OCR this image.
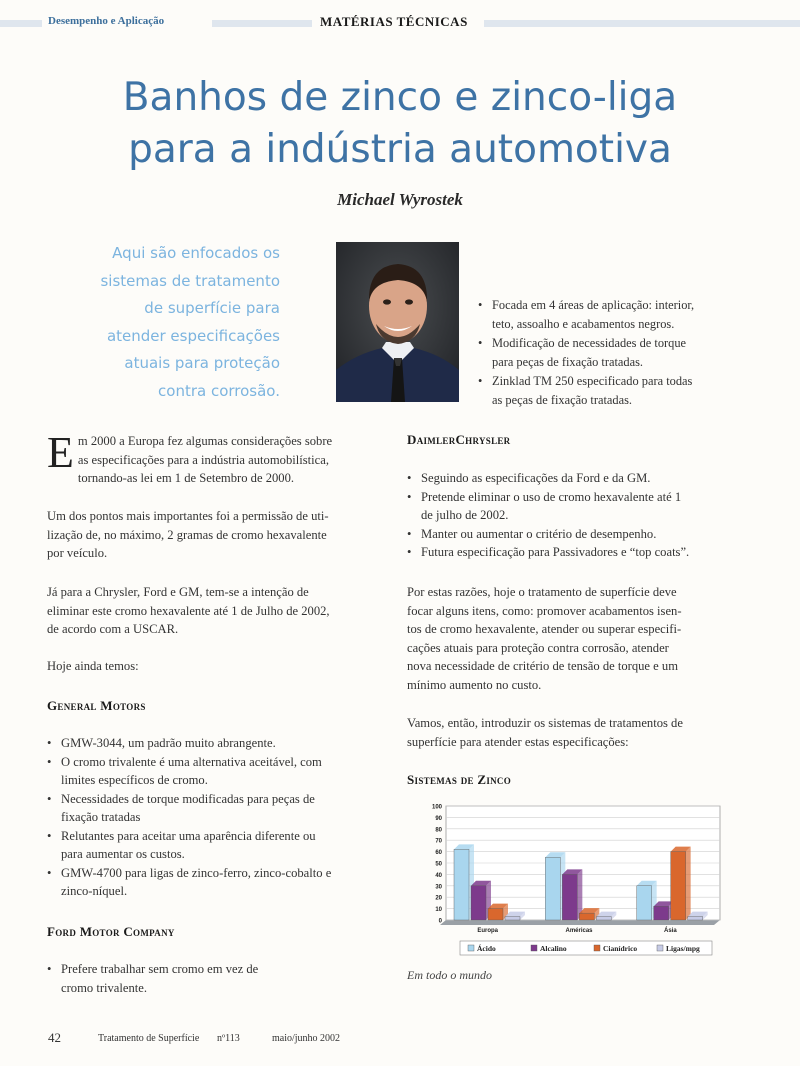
Desempenho e Aplicação	MATÉRIAS TÉCNICAS
Banhos de zinco e zinco-liga
para a indústria automotiva
Michael Wyrostek
Aqui são enfocados os
sistemas de tratamento
de superfície para
atender especificações
atuais para proteção
contra corrosão.
• Focada em 4 áreas de aplicação: interior,
teto, assoalho e acabamentos negros.
• Modificação de necessidades de torque
para peças de fixação tratadas.
• Zinklad TM 250 especificado para todas
as peças de fixação tratadas.
E m 2000 a Europa fez algumas considerações sobre
as especificações para a indústria automobilística,
tornando-as lei em 1 de Setembro de 2000.
Um dos pontos mais importantes foi a permissão de uti-
lização de, no máximo, 2 gramas de cromo hexavalente
por veículo.
Já para a Chrysler, Ford e GM, tem-se a intenção de
eliminar este cromo hexavalente até 1 de Julho de 2002,
de acordo com a USCAR.
Hoje ainda temos:
General Motors
• GMW-3044, um padrão muito abrangente.
• O cromo trivalente é uma alternativa aceitável, com
limites específicos de cromo.
• Necessidades de torque modificadas para peças de
fixação tratadas
• Relutantes para aceitar uma aparência diferente ou
para aumentar os custos.
• GMW-4700 para ligas de zinco-ferro, zinco-cobalto e
zinco-níquel.
Ford Motor Company
• Prefere trabalhar sem cromo em vez de
cromo trivalente.
DaimlerChrysler
• Seguindo as especificações da Ford e da GM.
• Pretende eliminar o uso de cromo hexavalente até 1
de julho de 2002.
• Manter ou aumentar o critério de desempenho.
• Futura especificação para Passivadores e “top coats”.
Por estas razões, hoje o tratamento de superfície deve
focar alguns itens, como: promover acabamentos isen-
tos de cromo hexavalente, atender ou superar especifi-
cações atuais para proteção contra corrosão, atender
nova necessidade de critério de tensão de torque e um
mínimo aumento no custo.
Vamos, então, introduzir os sistemas de tratamentos de
superfície para atender estas especificações:
Sistemas de Zinco
0
10
20
30
40
50
60
70
80
90
100
Europa	Américas	Ásia
Ácido	Alcalino	Cianídrico	Ligas/mpg
Em todo o mundo
42	Tratamento de Superfície nº113	maio/junho 2002
